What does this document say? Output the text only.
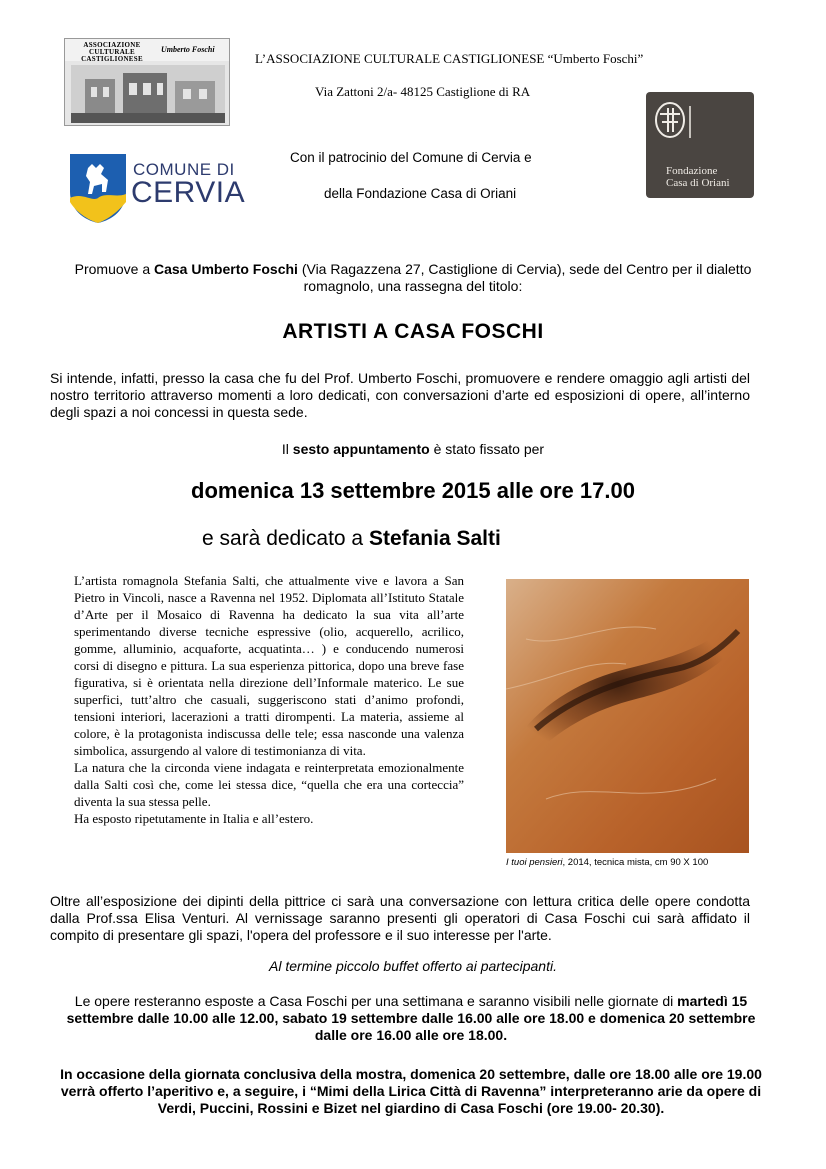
ASSOCIAZIONE
CULTURALE
CASTIGLIONESE
Umberto Foschi
COMUNE DI
CERVIA
Fondazione
Casa di Oriani
L’ASSOCIAZIONE CULTURALE CASTIGLIONESE “Umberto Foschi”
Via Zattoni 2/a- 48125 Castiglione di RA
Con il patrocinio del Comune di Cervia e
della Fondazione Casa di Oriani
Promuove a Casa Umberto Foschi (Via Ragazzena 27, Castiglione di Cervia), sede del Centro per il dialetto romagnolo, una rassegna del titolo:
ARTISTI A CASA FOSCHI
Si intende, infatti, presso la casa che fu del Prof. Umberto Foschi, promuovere e rendere omaggio agli artisti del nostro territorio attraverso momenti a loro dedicati, con conversazioni d’arte ed esposizioni di opere, all’interno degli spazi a noi concessi in questa sede.
Il sesto appuntamento è stato fissato per
domenica 13 settembre 2015 alle ore 17.00
e sarà dedicato a Stefania Salti

L’artista romagnola Stefania Salti, che attualmente vive e lavora a San Pietro in Vincoli, nasce a Ravenna nel 1952. Diplomata all’Istituto Statale d’Arte per il Mosaico di Ravenna ha dedicato la sua vita all’arte sperimentando diverse tecniche espressive (olio, acquerello, acrilico, gomme, alluminio, acquaforte, acquatinta… ) e conducendo numerosi corsi di disegno e pittura. La sua esperienza pittorica, dopo una breve fase figurativa, si è orientata nella direzione dell’Informale materico. Le sue superfici, tutt’altro che casuali, suggeriscono stati d’animo profondi, tensioni interiori, lacerazioni a tratti dirompenti. La materia, assieme al colore, è la protagonista indiscussa delle tele; essa nasconde una valenza simbolica, assurgendo al valore di testimonianza di vita.

La natura che la circonda viene indagata e reinterpretata emozionalmente dalla Salti così che, come lei stessa dice, “quella che era una corteccia” diventa la sua stessa pelle.

Ha esposto ripetutamente in Italia e all’estero.

I tuoi pensieri, 2014, tecnica mista, cm 90 X 100
Oltre all’esposizione dei dipinti della pittrice ci sarà una conversazione con lettura critica delle opere condotta dalla Prof.ssa Elisa Venturi. Al vernissage saranno presenti gli operatori di Casa Foschi cui sarà affidato il compito di presentare gli spazi, l'opera del professore e il suo interesse per l'arte.
Al termine piccolo buffet offerto ai partecipanti.
Le opere resteranno esposte a Casa Foschi per una settimana e saranno visibili nelle giornate di martedì 15 settembre dalle 10.00 alle 12.00, sabato 19 settembre dalle 16.00 alle ore 18.00 e domenica 20 settembre dalle ore 16.00 alle ore 18.00.
In occasione della giornata conclusiva della mostra, domenica 20 settembre, dalle ore 18.00 alle ore 19.00 verrà offerto l’aperitivo e, a seguire, i “Mimi della Lirica Città di Ravenna” interpreteranno arie da opere di Verdi, Puccini, Rossini e Bizet nel giardino di Casa Foschi (ore 19.00- 20.30).
